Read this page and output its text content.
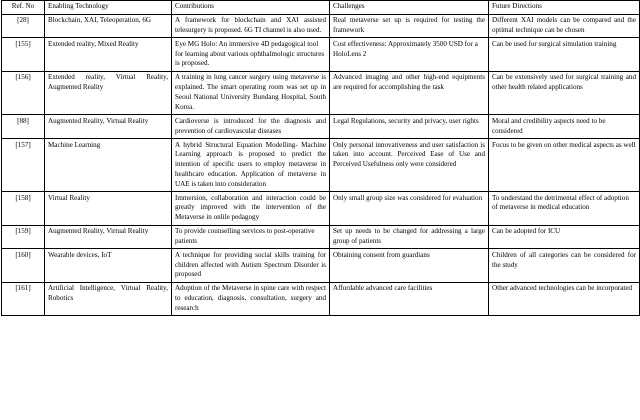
Ref. No	Enabling Technology	Contributions	Challenges	Future Directions
[28]	Blockchain, XAI, Teleoperation, 6G	A framework for blockchain and XAI assisted telesurgery is proposed. 6G TI channel is also used.	Real metaverse set up is required for testing the framework	Different XAI models can be compared and the optimal technique can be chosen
[155]	Extended reality, Mixed Reality	Eye MG Holo: An immersive 4D pedagogical tool for learning about various ophthalmologic structures is proposed.	Cost effectiveness: Approximately 3500 USD for a HoloLens 2	Can be used for surgical simulation training
[156]	Extended reality, Virtual Reality, Augmented Reality	A training in lung cancer surgery using metaverse is explained. The smart operating room was set up in Seoul National University Bundang Hospital, South Korea.	Advanced imaging and other high-end equipments are required for accomplishing the task	Can be extensively used for surgical training and other health related applications
[88]	Augmented Reality, Virtual Reality	Cardioverse is introduced for the diagnosis and prevention of cardiovascular diseases	Legal Regulations, security and privacy, user rights	Moral and credibility aspects need to be considered
[157]	Machine Learning	A hybrid Structural Equation Modelling- Machine Learning approach is proposed to predict the intention of specific users to employ metaverse in healthcare education. Application of metaverse in UAE is taken into consideration	Only personal innovativeness and user satisfaction is taken into account. Perceived Ease of Use and Perceived Usefulness only were considered	Focus to be given on other medical aspects as well
[158]	Virtual Reality	Immersion, collaboration and interaction could be greatly improved with the intervention of the Metaverse in onlile pedagogy	Only small group size was considered for evaluation	To understand the detrimental effect of adoption of metaverse in medical education
[159]	Augmented Reality, Virtual Reality	To provide counselling services to post-operative patients	Set up needs to be changed for addressing a large group of patients	Can be adopted for ICU
[160]	Wearable devices, IoT	A technique for providing social skills training for children affected with Autism Spectrum Disorder is proposed	Obtaining consent from guardians	Children of all categories can be considered for the study
[161]	Artificial Intelligence, Virtual Reality, Robotics	Adoption of the Metaverse in spine care with respect to education, diagnosis, consultation, surgery and research	Affordable advanced care facilities	Other advanced technologies can be incorporated
